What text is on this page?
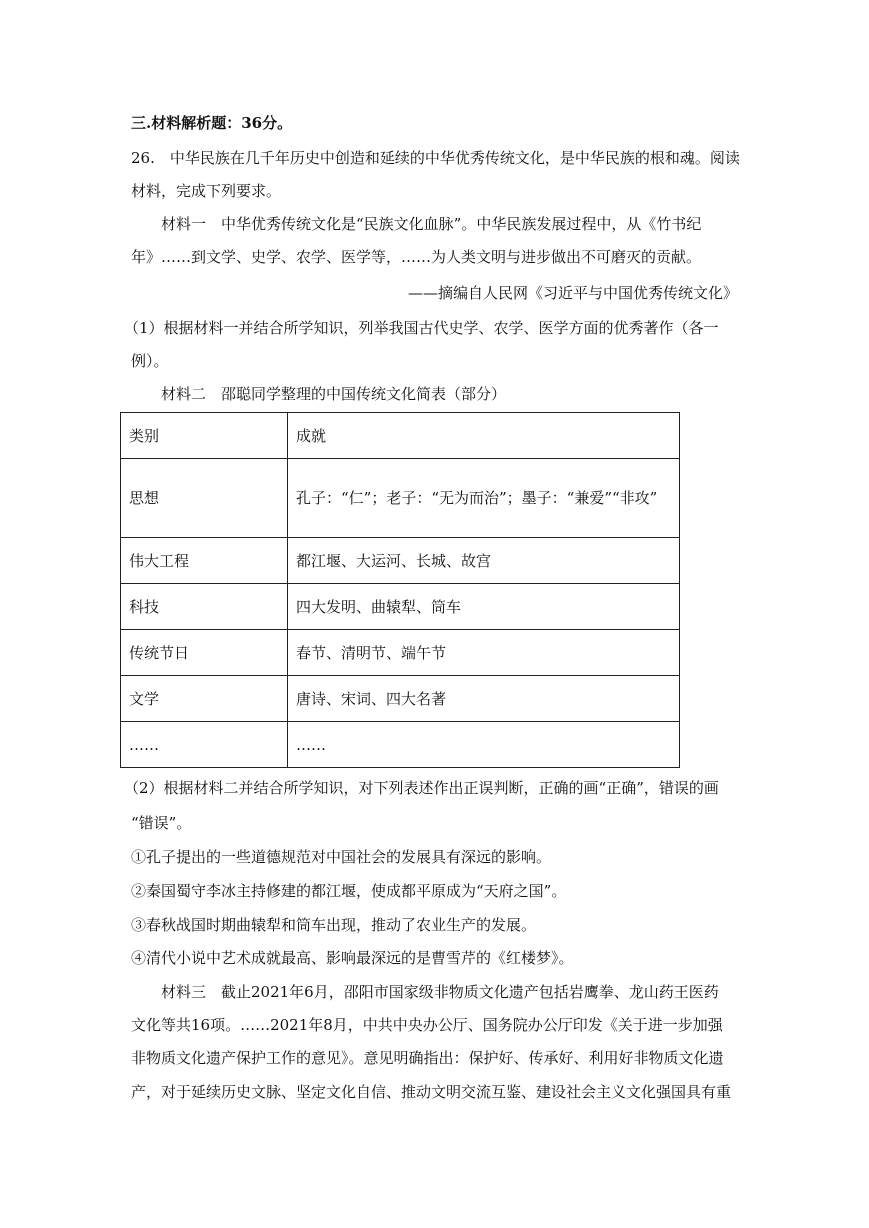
三.材料解析题：36分。
26.　中华民族在几千年历史中创造和延续的中华优秀传统文化，是中华民族的根和魂。阅读
材料，完成下列要求。
材料一　中华优秀传统文化是“民族文化血脉”。中华民族发展过程中，从《竹书纪
年》……到文学、史学、农学、医学等，……为人类文明与进步做出不可磨灭的贡献。
——摘编自人民网《习近平与中国优秀传统文化》
（1）根据材料一并结合所学知识，列举我国古代史学、农学、医学方面的优秀著作（各一
例）。
材料二　邵聪同学整理的中国传统文化简表（部分）
类别	成就
思想	孔子：“仁”；老子：“无为而治”；墨子：“兼爱”“非攻”
伟大工程	都江堰、大运河、长城、故宫
科技	四大发明、曲辕犁、筒车
传统节日	春节、清明节、端午节
文学	唐诗、宋词、四大名著
……	……
（2）根据材料二并结合所学知识，对下列表述作出正误判断，正确的画“正确”，错误的画
“错误”。
①孔子提出的一些道德规范对中国社会的发展具有深远的影响。
②秦国蜀守李冰主持修建的都江堰，使成都平原成为“天府之国”。
③春秋战国时期曲辕犁和筒车出现，推动了农业生产的发展。
④清代小说中艺术成就最高、影响最深远的是曹雪芹的《红楼梦》。
材料三　截止2021年6月，邵阳市国家级非物质文化遗产包括岩鹰拳、龙山药王医药
文化等共16项。……2021年8月，中共中央办公厅、国务院办公厅印发《关于进一步加强
非物质文化遗产保护工作的意见》。意见明确指出：保护好、传承好、利用好非物质文化遗
产，对于延续历史文脉、坚定文化自信、推动文明交流互鉴、建设社会主义文化强国具有重
